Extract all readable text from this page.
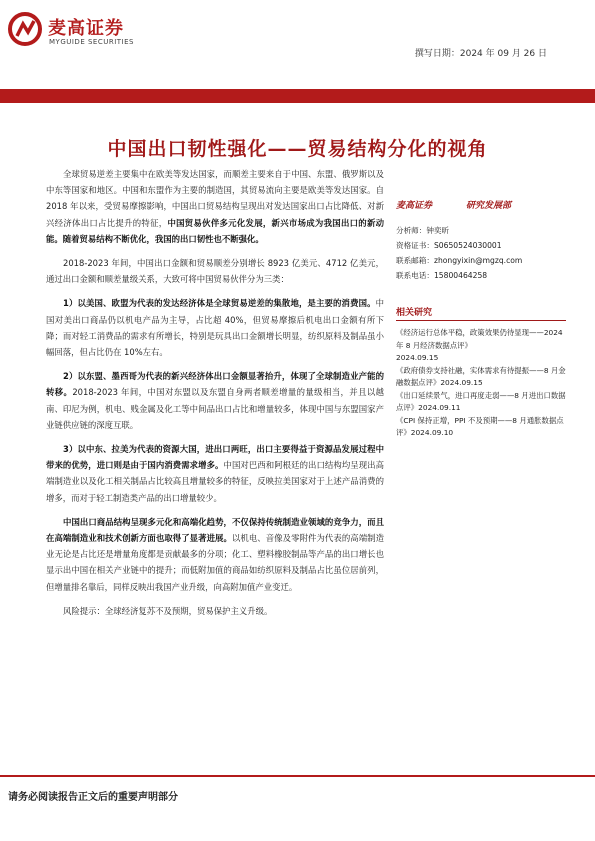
麦高证券
MYGUIDE SECURITIES
撰写日期：2024 年 09 月 26 日
中国出口韧性强化——贸易结构分化的视角

全球贸易逆差主要集中在欧美等发达国家，而顺差主要来自于中国、东盟、俄罗斯以及中东等国家和地区。中国和东盟作为主要的制造国，其贸易流向主要是欧美等发达国家。自 2018 年以来，受贸易摩擦影响，中国出口贸易结构呈现出对发达国家出口占比降低、对新兴经济体出口占比提升的特征，中国贸易伙伴多元化发展，新兴市场成为我国出口的新动能。随着贸易结构不断优化，我国的出口韧性也不断强化。

2018-2023 年间，中国出口金额和贸易顺差分别增长 8923 亿美元、4712 亿美元，通过出口金额和顺差量级关系，大致可将中国贸易伙伴分为三类：

1）以美国、欧盟为代表的发达经济体是全球贸易逆差的集散地，是主要的消费国。中国对美出口商品仍以机电产品为主导，占比超 40%，但贸易摩擦后机电出口金额有所下降；而对轻工消费品的需求有所增长，特别是玩具出口金额增长明显，纺织原料及制品虽小幅回落，但占比仍在 10%左右。

2）以东盟、墨西哥为代表的新兴经济体出口金额显著抬升，体现了全球制造业产能的转移。2018-2023 年间，中国对东盟以及东盟自身两者顺差增量的量级相当，并且以越南、印尼为例，机电、贱金属及化工等中间品出口占比和增量较多，体现中国与东盟国家产业链供应链的深度互联。

3）以中东、拉美为代表的资源大国，进出口两旺，出口主要得益于资源品发展过程中带来的优势，进口则是由于国内消费需求增多。中国对巴西和阿根廷的出口结构均呈现出高端制造业以及化工相关制品占比较高且增量较多的特征，反映拉美国家对于上述产品消费的增多，而对于轻工制造类产品的出口增量较少。

中国出口商品结构呈现多元化和高端化趋势，不仅保持传统制造业领域的竞争力，而且在高端制造业和技术创新方面也取得了显著进展。以机电、音像及零附件为代表的高端制造业无论是占比还是增量角度都是贡献最多的分项；化工、塑料橡胶制品等产品的出口增长也显示出中国在相关产业链中的提升；而低附加值的商品如纺织原料及制品占比虽位居前列，但增量排名靠后，同样反映出我国产业升级，向高附加值产业变迁。

风险提示：全球经济复苏不及预期，贸易保护主义升级。

麦高证券	研究发展部
分析师：钟奕昕
资格证书：S0650524030001
联系邮箱：zhongyixin@mgzq.com
联系电话：15800464258
相关研究
《经济运行总体平稳，政策效果仍待显现——2024 年 8 月经济数据点评》
2024.09.15
《政府债券支持社融，实体需求有待提振——8 月金融数据点评》2024.09.15
《出口延续景气，进口再度走弱——8 月进出口数据点评》2024.09.11
《CPI 保持正增，PPI 不及预期——8 月通胀数据点评》2024.09.10
请务必阅读报告正文后的重要声明部分
